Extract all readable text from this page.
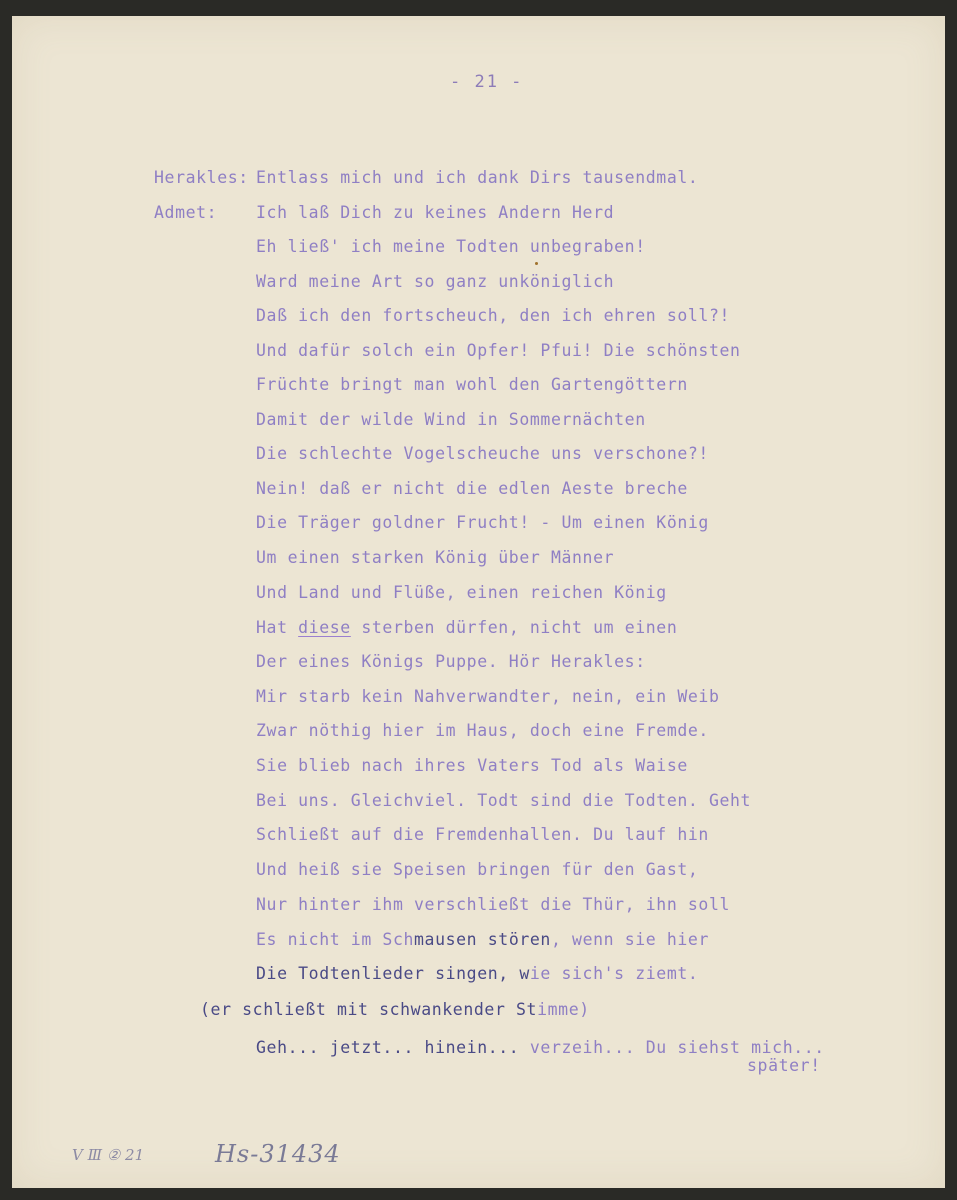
- 21 -
Herakles:
Admet:
Entlass mich und ich dank Dirs tausendmal.
Ich laß Dich zu keines Andern Herd
Eh ließ' ich meine Todten unbegraben!
Ward meine Art so ganz unköniglich
Daß ich den fortscheuch, den ich ehren soll?!
Und dafür solch ein Opfer! Pfui! Die schönsten
Früchte bringt man wohl den Gartengöttern
Damit der wilde Wind in Sommernächten
Die schlechte Vogelscheuche uns verschone?!
Nein! daß er nicht die edlen Aeste breche
Die Träger goldner Frucht! - Um einen König
Um einen starken König über Männer
Und Land und Flüße, einen reichen König
Hat diese sterben dürfen, nicht um einen
Der eines Königs Puppe. Hör Herakles:
Mir starb kein Nahverwandter, nein, ein Weib
Zwar nöthig hier im Haus, doch eine Fremde.
Sie blieb nach ihres Vaters Tod als Waise
Bei uns. Gleichviel. Todt sind die Todten. Geht
Schließt auf die Fremdenhallen. Du lauf hin
Und heiß sie Speisen bringen für den Gast,
Nur hinter ihm verschließt die Thür, ihn soll
Es nicht im Schmausen stören, wenn sie hier
Die Todtenlieder singen, wie sich's ziemt.
(er schließt mit schwankender Stimme)
Geh... jetzt... hinein... verzeih... Du siehst mich...
später!
V Ⅲ ② 21	Hs-31434
